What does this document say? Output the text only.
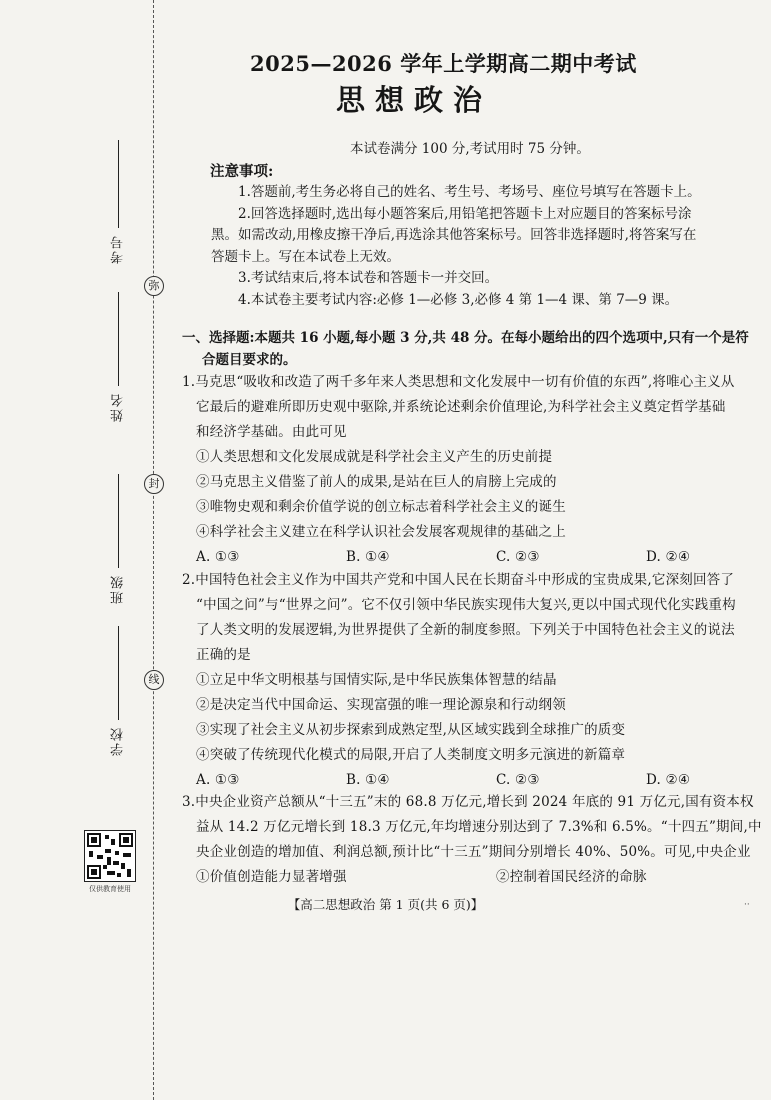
弥
封
线
考号
姓名
班级
学校
仅供教育使用
2025—2026 学年上学期高二期中考试
思想政治
本试卷满分 100 分,考试用时 75 分钟。
注意事项:

1.答题前,考生务必将自己的姓名、考生号、考场号、座位号填写在答题卡上。

2.回答选择题时,选出每小题答案后,用铅笔把答题卡上对应题目的答案标号涂

黑。如需改动,用橡皮擦干净后,再选涂其他答案标号。回答非选择题时,将答案写在

答题卡上。写在本试卷上无效。

3.考试结束后,将本试卷和答题卡一并交回。

4.本试卷主要考试内容:必修 1—必修 3,必修 4 第 1—4 课、第 7—9 课。

一、选择题:本题共 16 小题,每小题 3 分,共 48 分。在每小题给出的四个选项中,只有一个是符

合题目要求的。

1.马克思“吸收和改造了两千多年来人类思想和文化发展中一切有价值的东西”,将唯心主义从

它最后的避难所即历史观中驱除,并系统论述剩余价值理论,为科学社会主义奠定哲学基础

和经济学基础。由此可见

①人类思想和文化发展成就是科学社会主义产生的历史前提

②马克思主义借鉴了前人的成果,是站在巨人的肩膀上完成的

③唯物史观和剩余价值学说的创立标志着科学社会主义的诞生

④科学社会主义建立在科学认识社会发展客观规律的基础之上

A. ①③	B. ①④	C. ②③	D. ②④

2.中国特色社会主义作为中国共产党和中国人民在长期奋斗中形成的宝贵成果,它深刻回答了

“中国之问”与“世界之问”。它不仅引领中华民族实现伟大复兴,更以中国式现代化实践重构

了人类文明的发展逻辑,为世界提供了全新的制度参照。下列关于中国特色社会主义的说法

正确的是

①立足中华文明根基与国情实际,是中华民族集体智慧的结晶

②是决定当代中国命运、实现富强的唯一理论源泉和行动纲领

③实现了社会主义从初步探索到成熟定型,从区域实践到全球推广的质变

④突破了传统现代化模式的局限,开启了人类制度文明多元演进的新篇章

A. ①③	B. ①④	C. ②③	D. ②④

3.中央企业资产总额从“十三五”末的 68.8 万亿元,增长到 2024 年底的 91 万亿元,国有资本权

益从 14.2 万亿元增长到 18.3 万亿元,年均增速分别达到了 7.3%和 6.5%。“十四五”期间,中

央企业创造的增加值、利润总额,预计比“十三五”期间分别增长 40%、50%。可见,中央企业

①价值创造能力显著增强	②控制着国民经济的命脉
【高二思想政治 第 1 页(共 6 页)】	··
